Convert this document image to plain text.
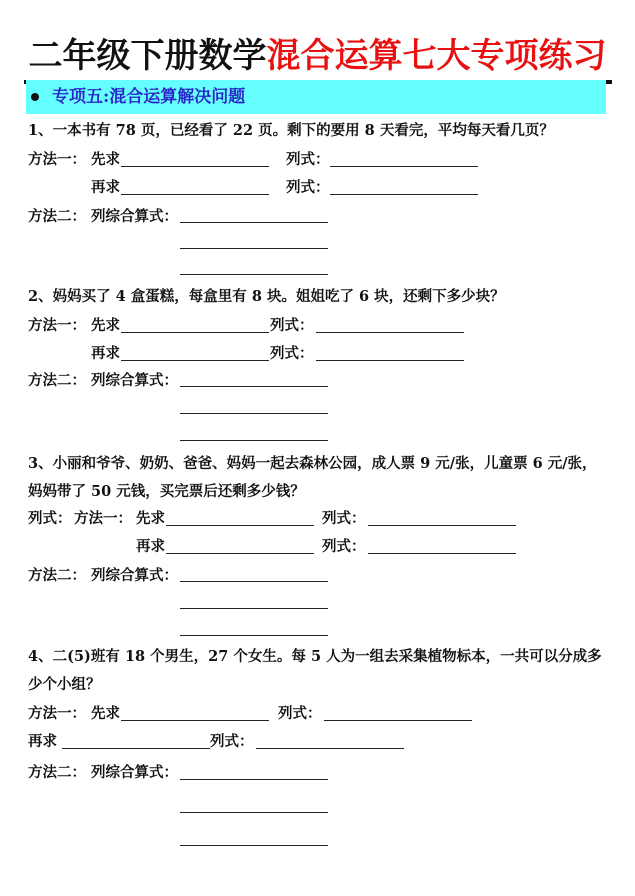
二年级下册数学混合运算七大专项练习
专项五:混合运算解决问题
1、一本书有 78 页，已经看了 22 页。剩下的要用 8 天看完，平均每天看几页？
方法一： 先求	列式：
再求	列式：
方法二： 列综合算式：
2、妈妈买了 4 盒蛋糕，每盒里有 8 块。姐姐吃了 6 块，还剩下多少块？
方法一： 先求	列式：
再求	列式：
方法二： 列综合算式：
3、小丽和爷爷、奶奶、爸爸、妈妈一起去森林公园，成人票 9 元/张，儿童票 6 元/张，
妈妈带了 50 元钱，买完票后还剩多少钱？
列式： 方法一： 先求	列式：
再求	列式：
方法二： 列综合算式：
4、二(5)班有 18 个男生，27 个女生。每 5 人为一组去采集植物标本，一共可以分成多
少个小组？
方法一： 先求	列式：
再求	列式：
方法二： 列综合算式：
